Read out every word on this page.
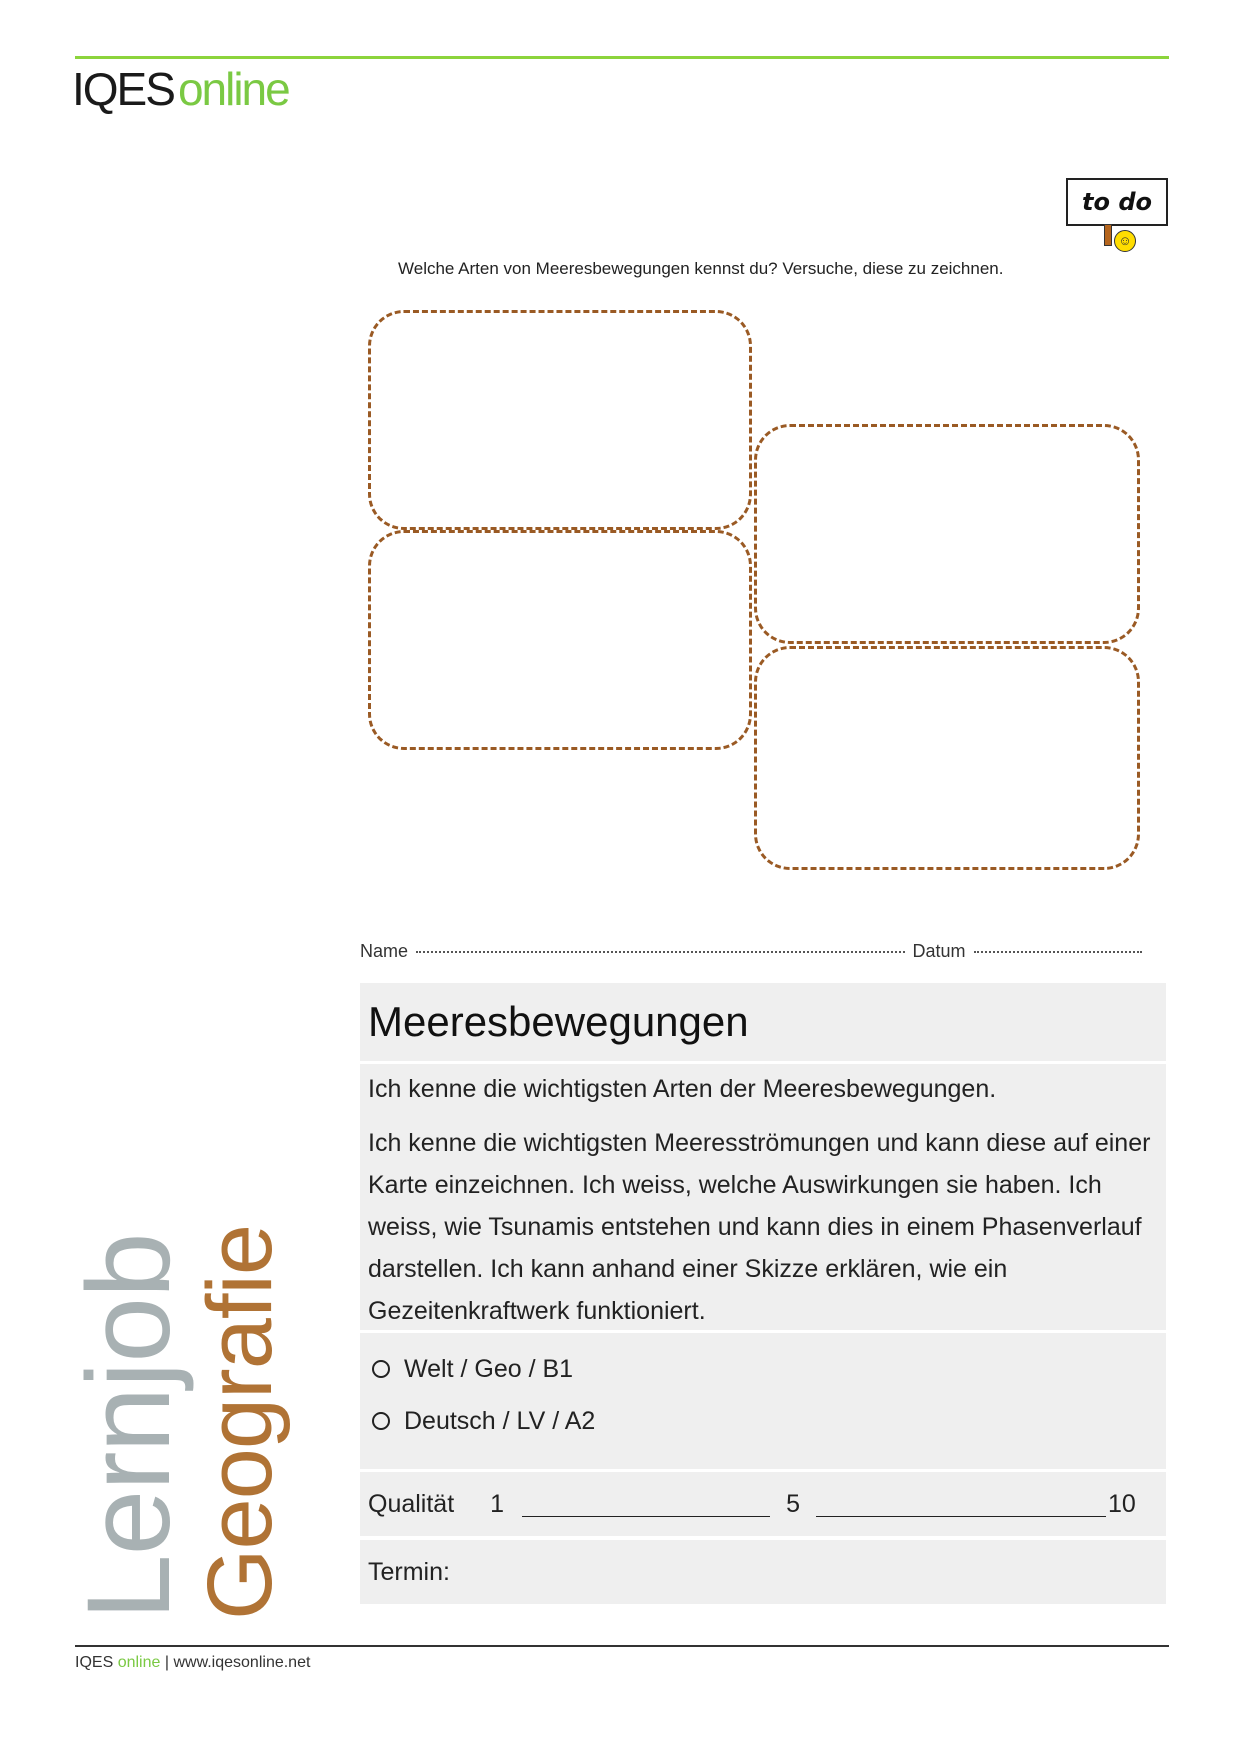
IQESonline
to do
☺
Welche Arten von Meeresbewegungen kennst du? Versuche, diese zu zeichnen.
Name	Datum
Meeresbewegungen

Ich kenne die wichtigsten Arten der Meeresbewegungen.

Ich kenne die wichtigsten Meeresströmungen und kann diese auf einer Karte einzeichnen. Ich weiss, welche Auswirkungen sie haben. Ich weiss, wie Tsunamis entstehen und kann dies in einem Phasenverlauf darstellen. Ich kann anhand einer Skizze erklären, wie ein Gezeitenkraftwerk funktioniert.

Welt / Geo / B1
Deutsch / LV / A2
Qualität 1	5	10
Termin:
Lernjob
Geografie
IQES online | www.iqesonline.net
